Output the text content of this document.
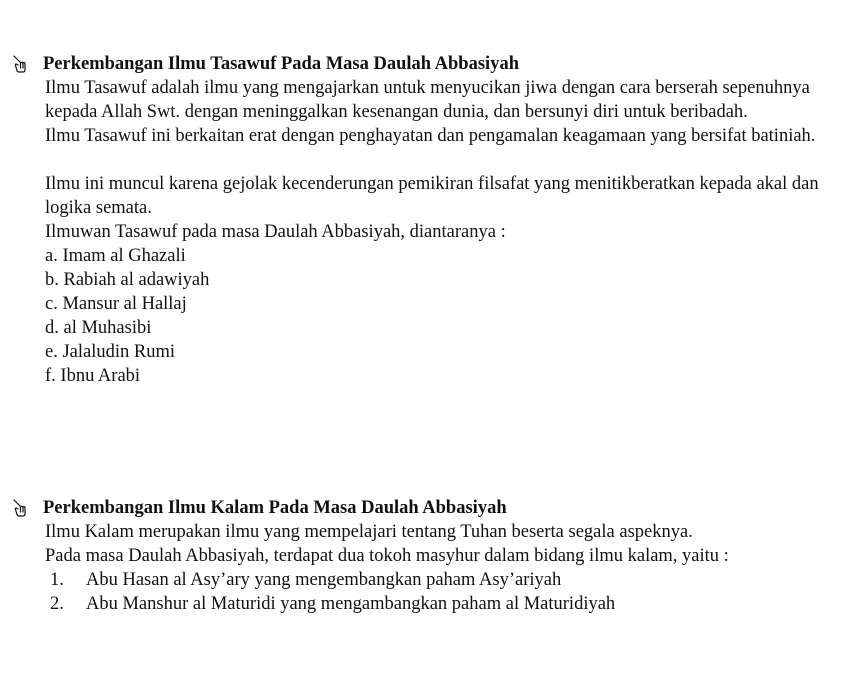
Perkembangan Ilmu Tasawuf Pada Masa Daulah Abbasiyah

Ilmu Tasawuf adalah ilmu yang mengajarkan untuk menyucikan jiwa dengan cara berserah sepenuhnya kepada Allah Swt. dengan meninggalkan kesenangan dunia, dan bersunyi diri untuk beribadah.

Ilmu Tasawuf ini berkaitan erat dengan penghayatan dan pengamalan keagamaan yang bersifat batiniah.

Ilmu ini muncul karena gejolak kecenderungan pemikiran filsafat yang menitikberatkan kepada akal dan logika semata.

Ilmuwan Tasawuf pada masa Daulah Abbasiyah, diantaranya :

a. Imam al Ghazali
b. Rabiah al adawiyah
c. Mansur al Hallaj
d. al Muhasibi
e. Jalaludin Rumi
f. Ibnu Arabi
Perkembangan Ilmu Kalam Pada Masa Daulah Abbasiyah

Ilmu Kalam merupakan ilmu yang mempelajari tentang Tuhan beserta segala aspeknya.

Pada masa Daulah Abbasiyah, terdapat dua tokoh masyhur dalam bidang ilmu kalam, yaitu :

1.	Abu Hasan al Asy’ary yang mengembangkan paham Asy’ariyah
2.	Abu Manshur al Maturidi yang mengambangkan paham al Maturidiyah
